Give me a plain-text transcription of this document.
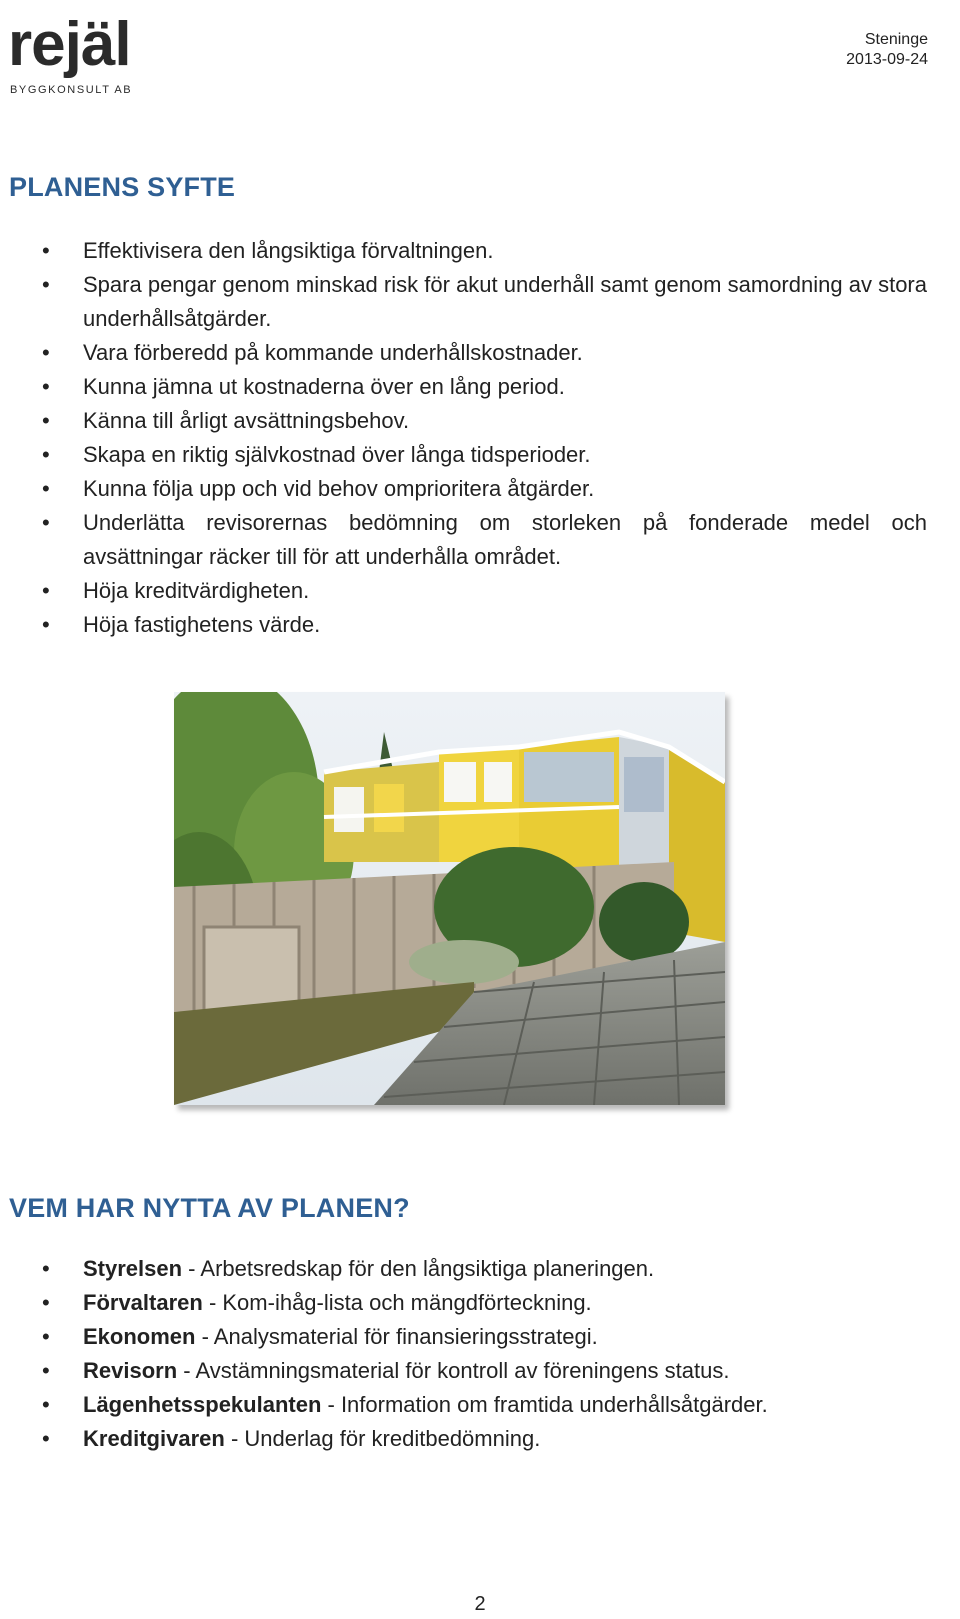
rejäl
BYGGKONSULT AB
Steninge
2013-09-24
PLANENS SYFTE
• Effektivisera den långsiktiga förvaltningen.
• Spara pengar genom minskad risk för akut underhåll samt genom samordning av stora underhållsåtgärder.
• Vara förberedd på kommande underhållskostnader.
• Kunna jämna ut kostnaderna över en lång period.
• Känna till årligt avsättningsbehov.
• Skapa en riktig självkostnad över långa tidsperioder.
• Kunna följa upp och vid behov omprioritera åtgärder.
• Underlätta revisorernas bedömning om storleken på fonderade medel och avsättningar räcker till för att underhålla området.
• Höja kreditvärdigheten.
• Höja fastighetens värde.
VEM HAR NYTTA AV PLANEN?
• Styrelsen - Arbetsredskap för den långsiktiga planeringen.
• Förvaltaren - Kom-ihåg-lista och mängdförteckning.
• Ekonomen - Analysmaterial för finansieringsstrategi.
• Revisorn - Avstämningsmaterial för kontroll av föreningens status.
• Lägenhetsspekulanten - Information om framtida underhållsåtgärder.
• Kreditgivaren - Underlag för kreditbedömning.
2
